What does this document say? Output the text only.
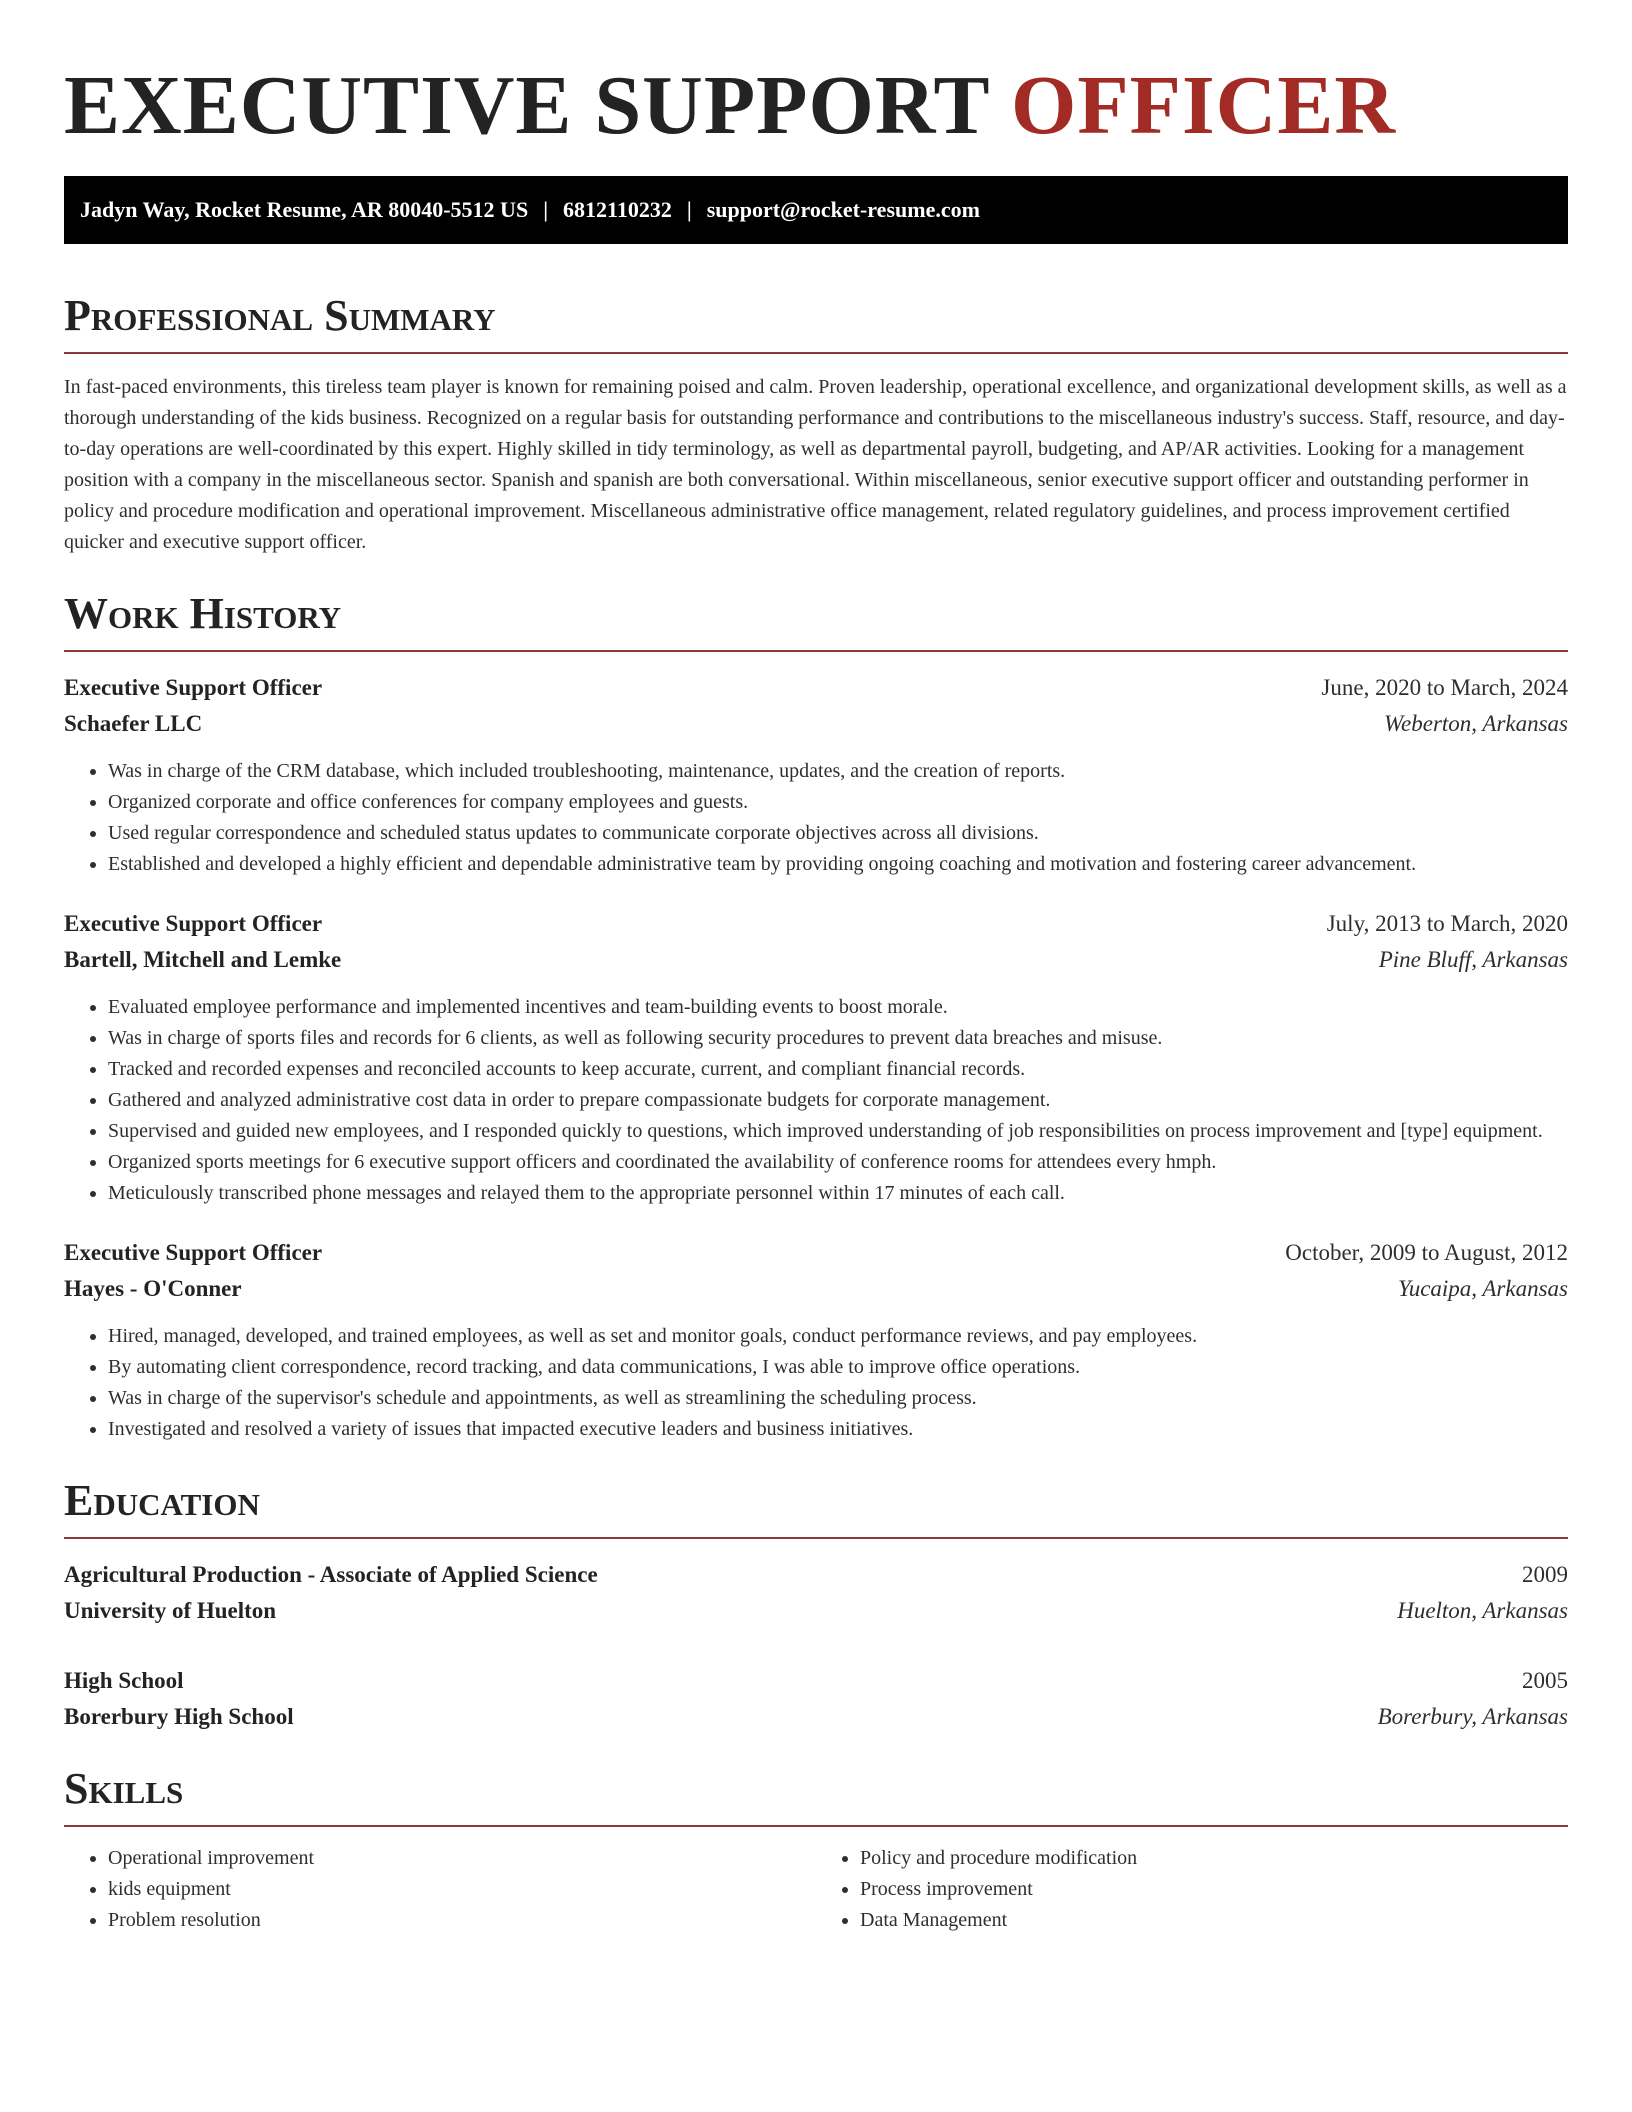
EXECUTIVE SUPPORT OFFICER
Jadyn Way, Rocket Resume, AR 80040-5512 US | 6812110232 | support@rocket-resume.com
Professional Summary

In fast-paced environments, this tireless team player is known for remaining poised and calm. Proven leadership, operational excellence, and organizational development skills, as well as a thorough understanding of the kids business. Recognized on a regular basis for outstanding performance and contributions to the miscellaneous industry's success. Staff, resource, and day-to-day operations are well-coordinated by this expert. Highly skilled in tidy terminology, as well as departmental payroll, budgeting, and AP/AR activities. Looking for a management position with a company in the miscellaneous sector. Spanish and spanish are both conversational. Within miscellaneous, senior executive support officer and outstanding performer in policy and procedure modification and operational improvement. Miscellaneous administrative office management, related regulatory guidelines, and process improvement certified quicker and executive support officer.

Work History
Executive Support Officer	June, 2020 to March, 2024
Schaefer LLC	Weberton, Arkansas
• Was in charge of the CRM database, which included troubleshooting, maintenance, updates, and the creation of reports.
• Organized corporate and office conferences for company employees and guests.
• Used regular correspondence and scheduled status updates to communicate corporate objectives across all divisions.
• Established and developed a highly efficient and dependable administrative team by providing ongoing coaching and motivation and fostering career advancement.
Executive Support Officer	July, 2013 to March, 2020
Bartell, Mitchell and Lemke	Pine Bluff, Arkansas
• Evaluated employee performance and implemented incentives and team-building events to boost morale.
• Was in charge of sports files and records for 6 clients, as well as following security procedures to prevent data breaches and misuse.
• Tracked and recorded expenses and reconciled accounts to keep accurate, current, and compliant financial records.
• Gathered and analyzed administrative cost data in order to prepare compassionate budgets for corporate management.
• Supervised and guided new employees, and I responded quickly to questions, which improved understanding of job responsibilities on process improvement and [type] equipment.
• Organized sports meetings for 6 executive support officers and coordinated the availability of conference rooms for attendees every hmph.
• Meticulously transcribed phone messages and relayed them to the appropriate personnel within 17 minutes of each call.
Executive Support Officer	October, 2009 to August, 2012
Hayes - O'Conner	Yucaipa, Arkansas
• Hired, managed, developed, and trained employees, as well as set and monitor goals, conduct performance reviews, and pay employees.
• By automating client correspondence, record tracking, and data communications, I was able to improve office operations.
• Was in charge of the supervisor's schedule and appointments, as well as streamlining the scheduling process.
• Investigated and resolved a variety of issues that impacted executive leaders and business initiatives.
Education
Agricultural Production - Associate of Applied Science	2009
University of Huelton	Huelton, Arkansas
High School	2005
Borerbury High School	Borerbury, Arkansas
Skills
• Operational improvement
• kids equipment
• Problem resolution
• Policy and procedure modification
• Process improvement
• Data Management
